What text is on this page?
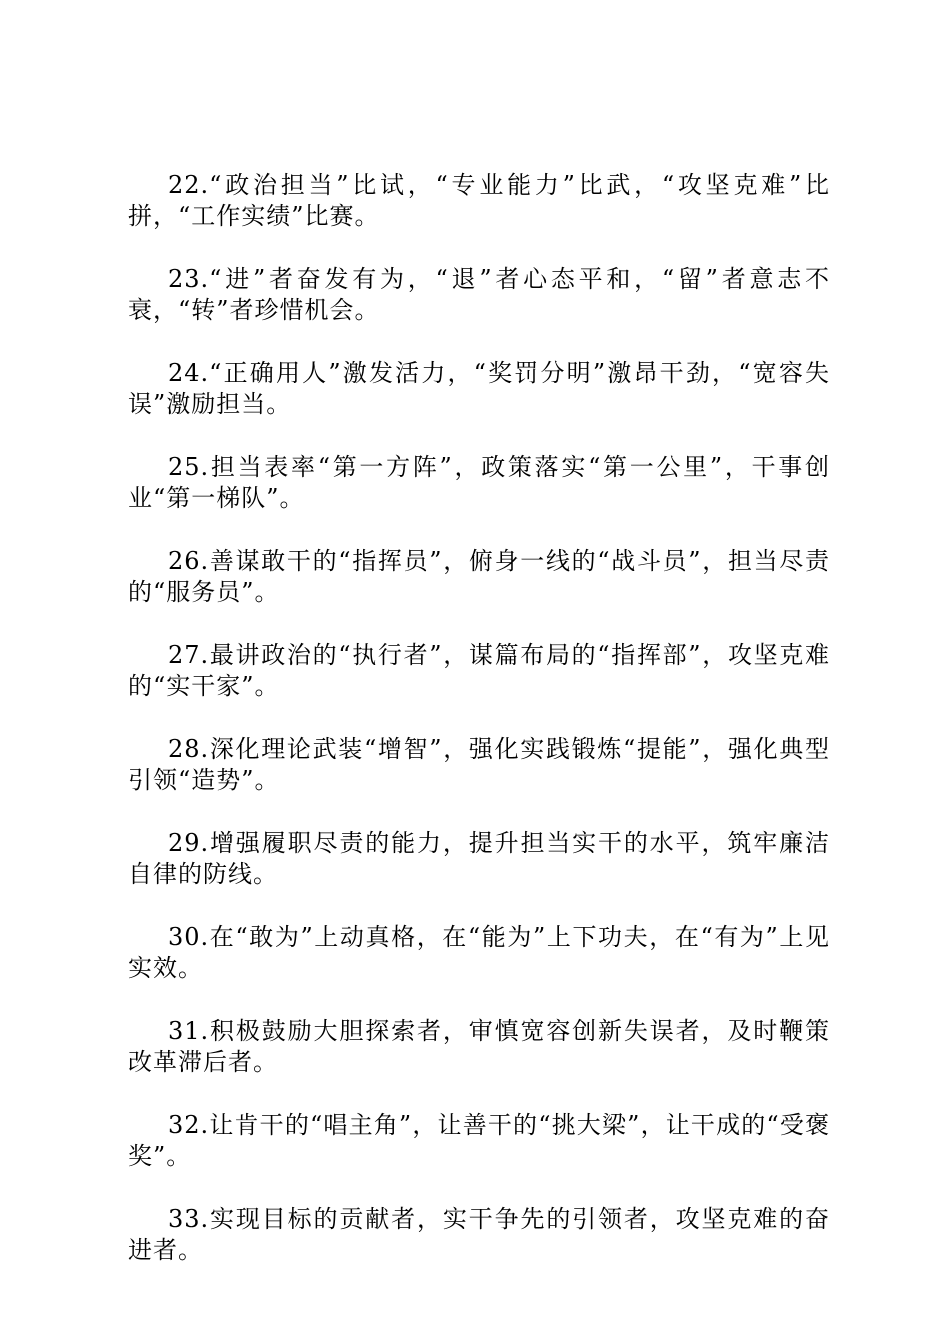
22.“政治担当”比试，“专业能力”比武，“攻坚克难”比拼，“工作实绩”比赛。

23.“进”者奋发有为，“退”者心态平和，“留”者意志不衰，“转”者珍惜机会。

24.“正确用人”激发活力，“奖罚分明”激昂干劲，“宽容失误”激励担当。

25.担当表率“第一方阵”，政策落实“第一公里”，干事创业“第一梯队”。

26.善谋敢干的“指挥员”，俯身一线的“战斗员”，担当尽责的“服务员”。

27.最讲政治的“执行者”，谋篇布局的“指挥部”，攻坚克难的“实干家”。

28.深化理论武装“增智”，强化实践锻炼“提能”，强化典型引领“造势”。

29.增强履职尽责的能力，提升担当实干的水平，筑牢廉洁自律的防线。

30.在“敢为”上动真格，在“能为”上下功夫，在“有为”上见实效。

31.积极鼓励大胆探索者，审慎宽容创新失误者，及时鞭策改革滞后者。

32.让肯干的“唱主角”，让善干的“挑大梁”，让干成的“受褒奖”。

33.实现目标的贡献者，实干争先的引领者，攻坚克难的奋进者。
